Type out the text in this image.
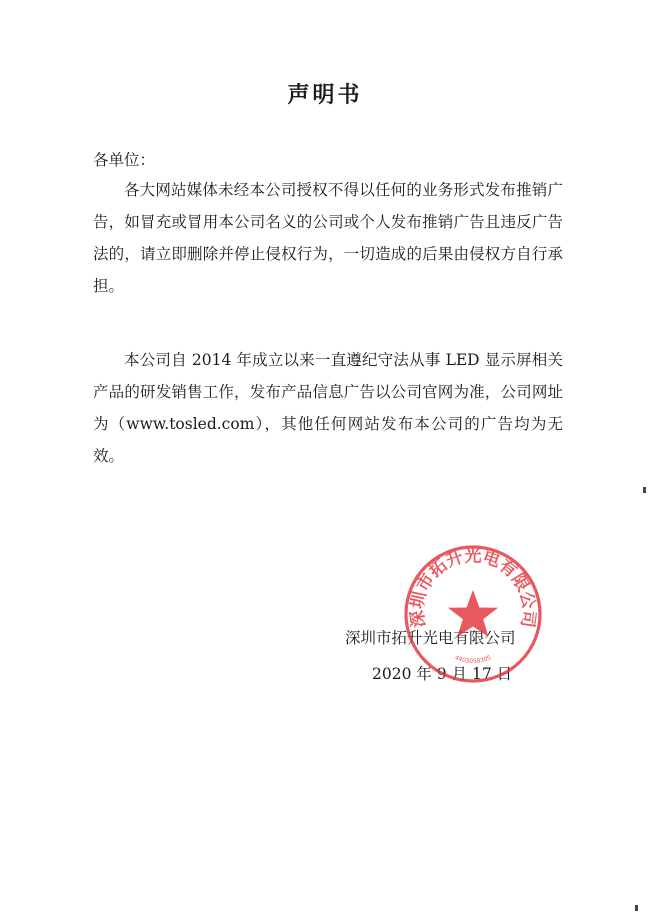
声明书
各单位：
各大网站媒体未经本公司授权不得以任何的业务形式发布推销广告，如冒充或冒用本公司名义的公司或个人发布推销广告且违反广告法的，请立即删除并停止侵权行为，一切造成的后果由侵权方自行承担。
本公司自 2014 年成立以来一直遵纪守法从事 LED 显示屏相关产品的研发销售工作，发布产品信息广告以公司官网为准，公司网址为（www.tosled.com），其他任何网站发布本公司的广告均为无效。
深圳市拓升光电有限公司
2020 年 9 月 17 日
深圳市拓升光电有限公司
4403058305
